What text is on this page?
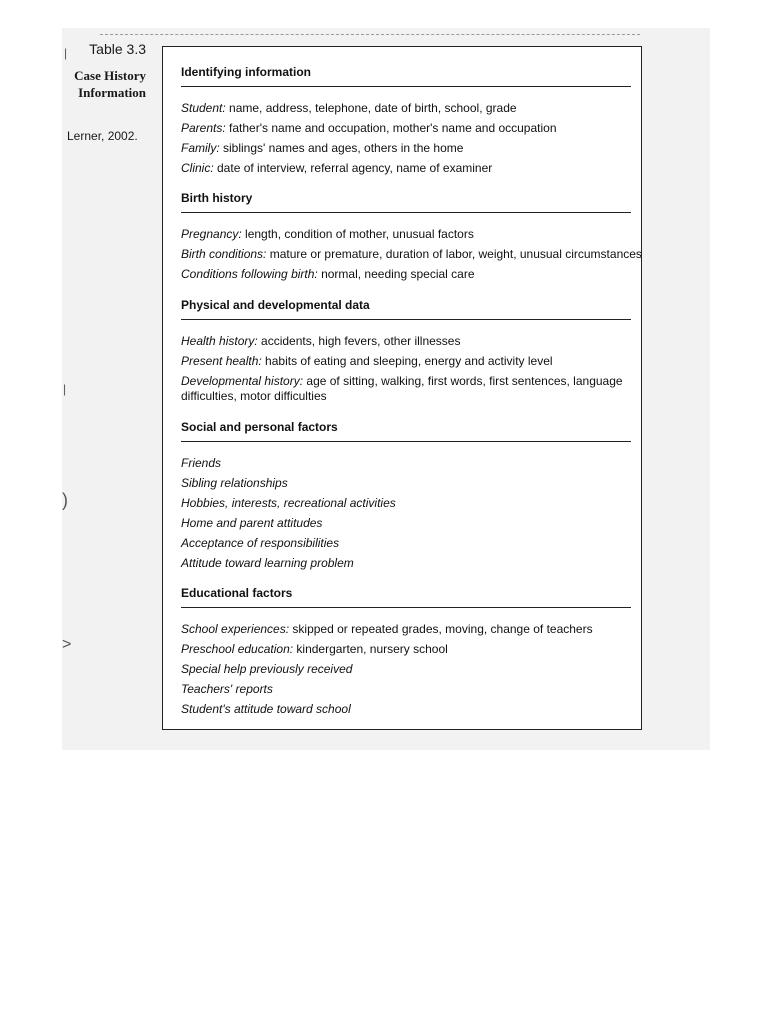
Table 3.3
Case History
Information
Lerner, 2002.
 |
|
)
>
Identifying information

Student: name, address, telephone, date of birth, school, grade

Parents: father's name and occupation, mother's name and occupation

Family: siblings' names and ages, others in the home

Clinic: date of interview, referral agency, name of examiner

Birth history

Pregnancy: length, condition of mother, unusual factors

Birth conditions: mature or premature, duration of labor, weight, unusual circumstances

Conditions following birth: normal, needing special care

Physical and developmental data

Health history: accidents, high fevers, other illnesses

Present health: habits of eating and sleeping, energy and activity level

Developmental history: age of sitting, walking, first words, first sentences, language difficulties, motor difficulties

Social and personal factors

Friends

Sibling relationships

Hobbies, interests, recreational activities

Home and parent attitudes

Acceptance of responsibilities

Attitude toward learning problem

Educational factors

School experiences: skipped or repeated grades, moving, change of teachers

Preschool education: kindergarten, nursery school

Special help previously received

Teachers' reports

Student's attitude toward school
